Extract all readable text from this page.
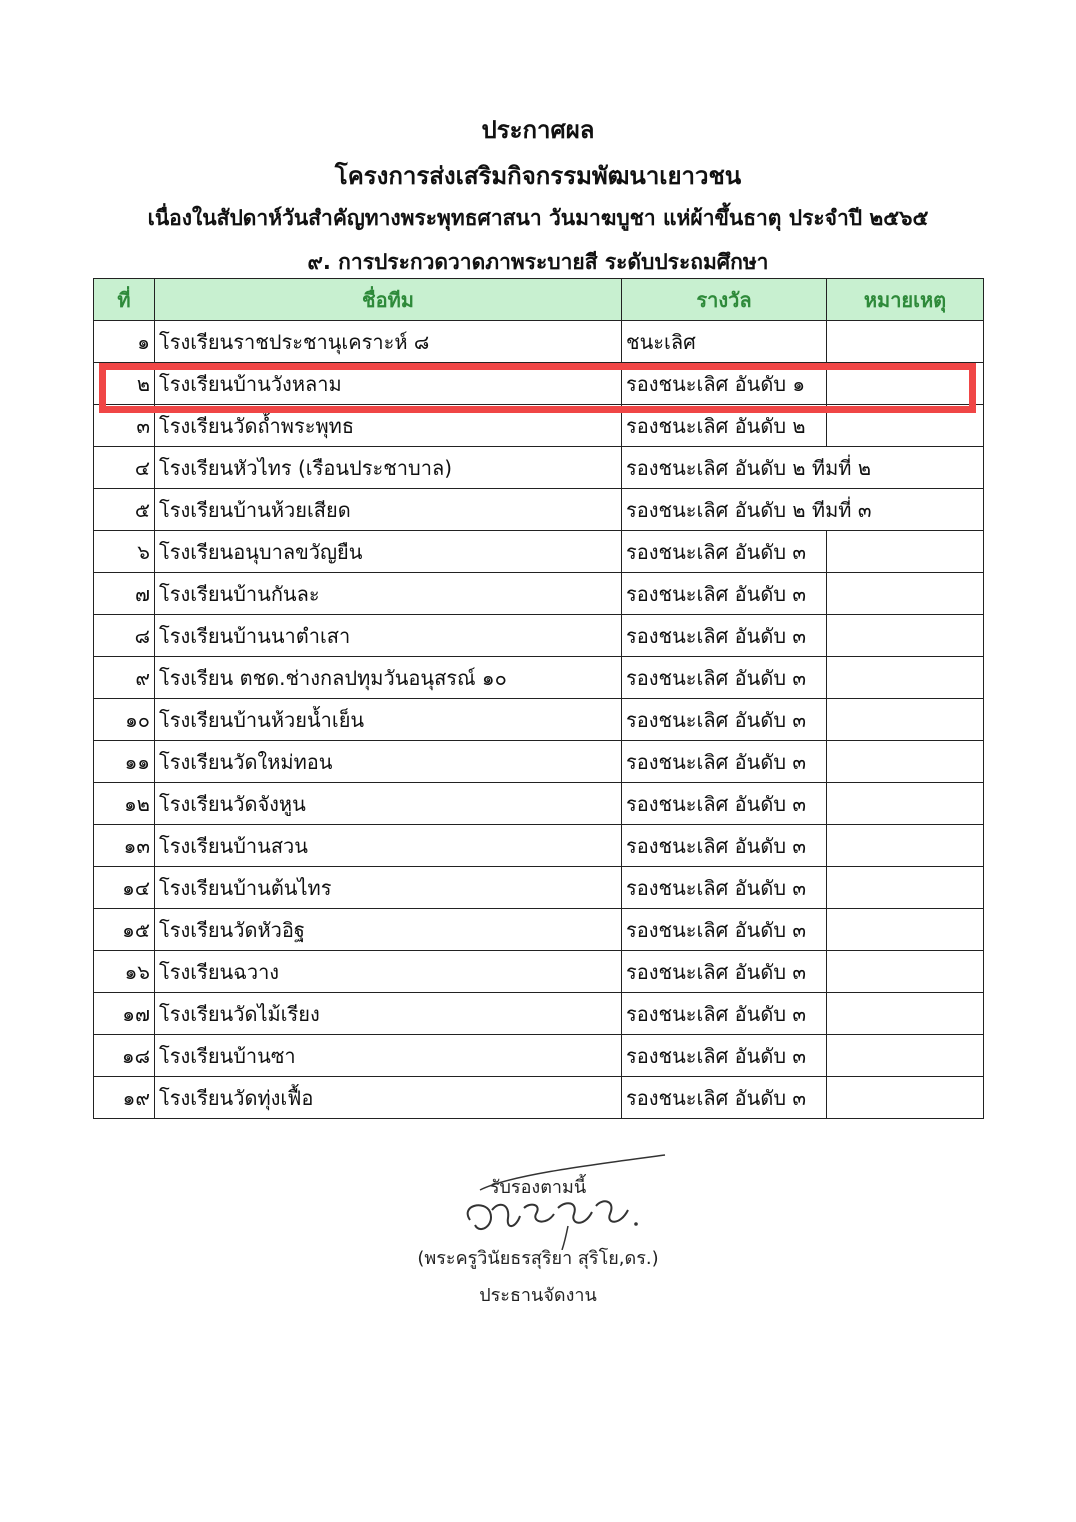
ประกาศผล
โครงการส่งเสริมกิจกรรมพัฒนาเยาวชน
เนื่องในสัปดาห์วันสำคัญทางพระพุทธศาสนา วันมาฆบูชา แห่ผ้าขึ้นธาตุ ประจำปี ๒๕๖๕
๙. การประกวดวาดภาพระบายสี ระดับประถมศึกษา
ที่	ชื่อทีม	รางวัล	หมายเหตุ
๑	โรงเรียนราชประชานุเคราะห์ ๘	ชนะเลิศ	
๒	โรงเรียนบ้านวังหลาม	รองชนะเลิศ อันดับ ๑	
๓	โรงเรียนวัดถ้ำพระพุทธ	รองชนะเลิศ อันดับ ๒	
๔	โรงเรียนหัวไทร (เรือนประชาบาล)	รองชนะเลิศ อันดับ ๒ ทีมที่ ๒	
๕	โรงเรียนบ้านห้วยเสียด	รองชนะเลิศ อันดับ ๒ ทีมที่ ๓	
๖	โรงเรียนอนุบาลขวัญยืน	รองชนะเลิศ อันดับ ๓	
๗	โรงเรียนบ้านกันละ	รองชนะเลิศ อันดับ ๓	
๘	โรงเรียนบ้านนาตำเสา	รองชนะเลิศ อันดับ ๓	
๙	โรงเรียน ตชด.ช่างกลปทุมวันอนุสรณ์ ๑๐	รองชนะเลิศ อันดับ ๓	
๑๐	โรงเรียนบ้านห้วยน้ำเย็น	รองชนะเลิศ อันดับ ๓	
๑๑	โรงเรียนวัดใหม่ทอน	รองชนะเลิศ อันดับ ๓	
๑๒	โรงเรียนวัดจังหูน	รองชนะเลิศ อันดับ ๓	
๑๓	โรงเรียนบ้านสวน	รองชนะเลิศ อันดับ ๓	
๑๔	โรงเรียนบ้านต้นไทร	รองชนะเลิศ อันดับ ๓	
๑๕	โรงเรียนวัดหัวอิฐ	รองชนะเลิศ อันดับ ๓	
๑๖	โรงเรียนฉวาง	รองชนะเลิศ อันดับ ๓	
๑๗	โรงเรียนวัดไม้เรียง	รองชนะเลิศ อันดับ ๓	
๑๘	โรงเรียนบ้านซา	รองชนะเลิศ อันดับ ๓	
๑๙	โรงเรียนวัดทุ่งเฟื้อ	รองชนะเลิศ อันดับ ๓	
รับรองตามนี้
(พระครูวินัยธรสุริยา สุริโย,ดร.)
ประธานจัดงาน
